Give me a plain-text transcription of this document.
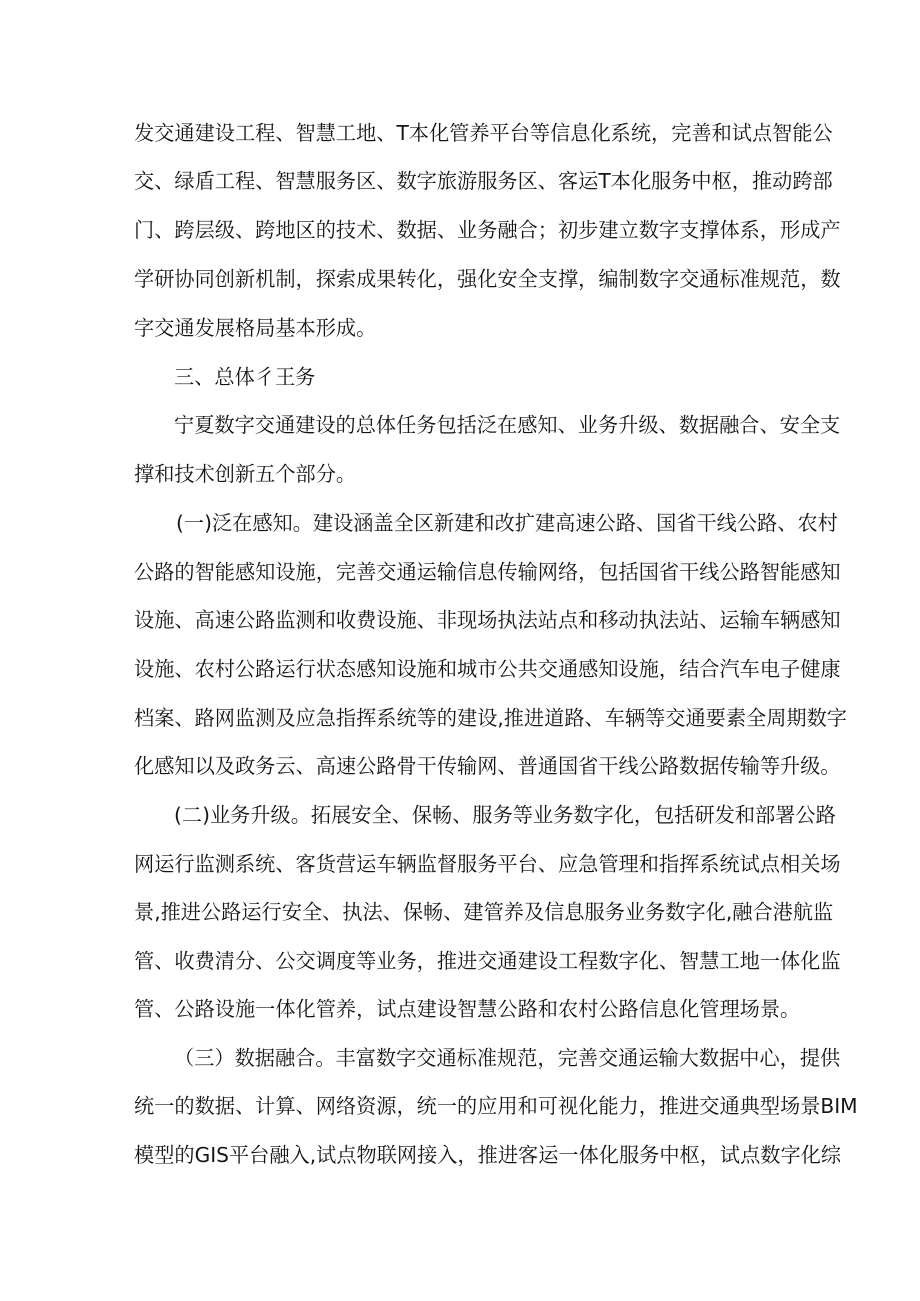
发交通建设工程、智慧工地、T本化管养平台等信息化系统，完善和试点智能公
交、绿盾工程、智慧服务区、数字旅游服务区、客运T本化服务中枢，推动跨部
门、跨层级、跨地区的技术、数据、业务融合；初步建立数字支撑体系，形成产
学研协同创新机制，探索成果转化，强化安全支撑，编制数字交通标准规范，数
字交通发展格局基本形成。
三、总体彳王务
宁夏数字交通建设的总体任务包括泛在感知、业务升级、数据融合、安全支
撑和技术创新五个部分。
(一)泛在感知。建设涵盖全区新建和改扩建高速公路、国省干线公路、农村
公路的智能感知设施，完善交通运输信息传输网络，包括国省干线公路智能感知
设施、高速公路监测和收费设施、非现场执法站点和移动执法站、运输车辆感知
设施、农村公路运行状态感知设施和城市公共交通感知设施，结合汽车电子健康
档案、路网监测及应急指挥系统等的建设,推进道路、车辆等交通要素全周期数字
化感知以及政务云、高速公路骨干传输网、普通国省干线公路数据传输等升级。
(二)业务升级。拓展安全、保畅、服务等业务数字化，包括研发和部署公路
网运行监测系统、客货营运车辆监督服务平台、应急管理和指挥系统试点相关场
景,推进公路运行安全、执法、保畅、建管养及信息服务业务数字化,融合港航监
管、收费清分、公交调度等业务，推进交通建设工程数字化、智慧工地一体化监
管、公路设施一体化管养，试点建设智慧公路和农村公路信息化管理场景。
（三）数据融合。丰富数字交通标准规范，完善交通运输大数据中心，提供
统一的数据、计算、网络资源，统一的应用和可视化能力，推进交通典型场景BIM
模型的GIS平台融入,试点物联网接入，推进客运一体化服务中枢，试点数字化综
